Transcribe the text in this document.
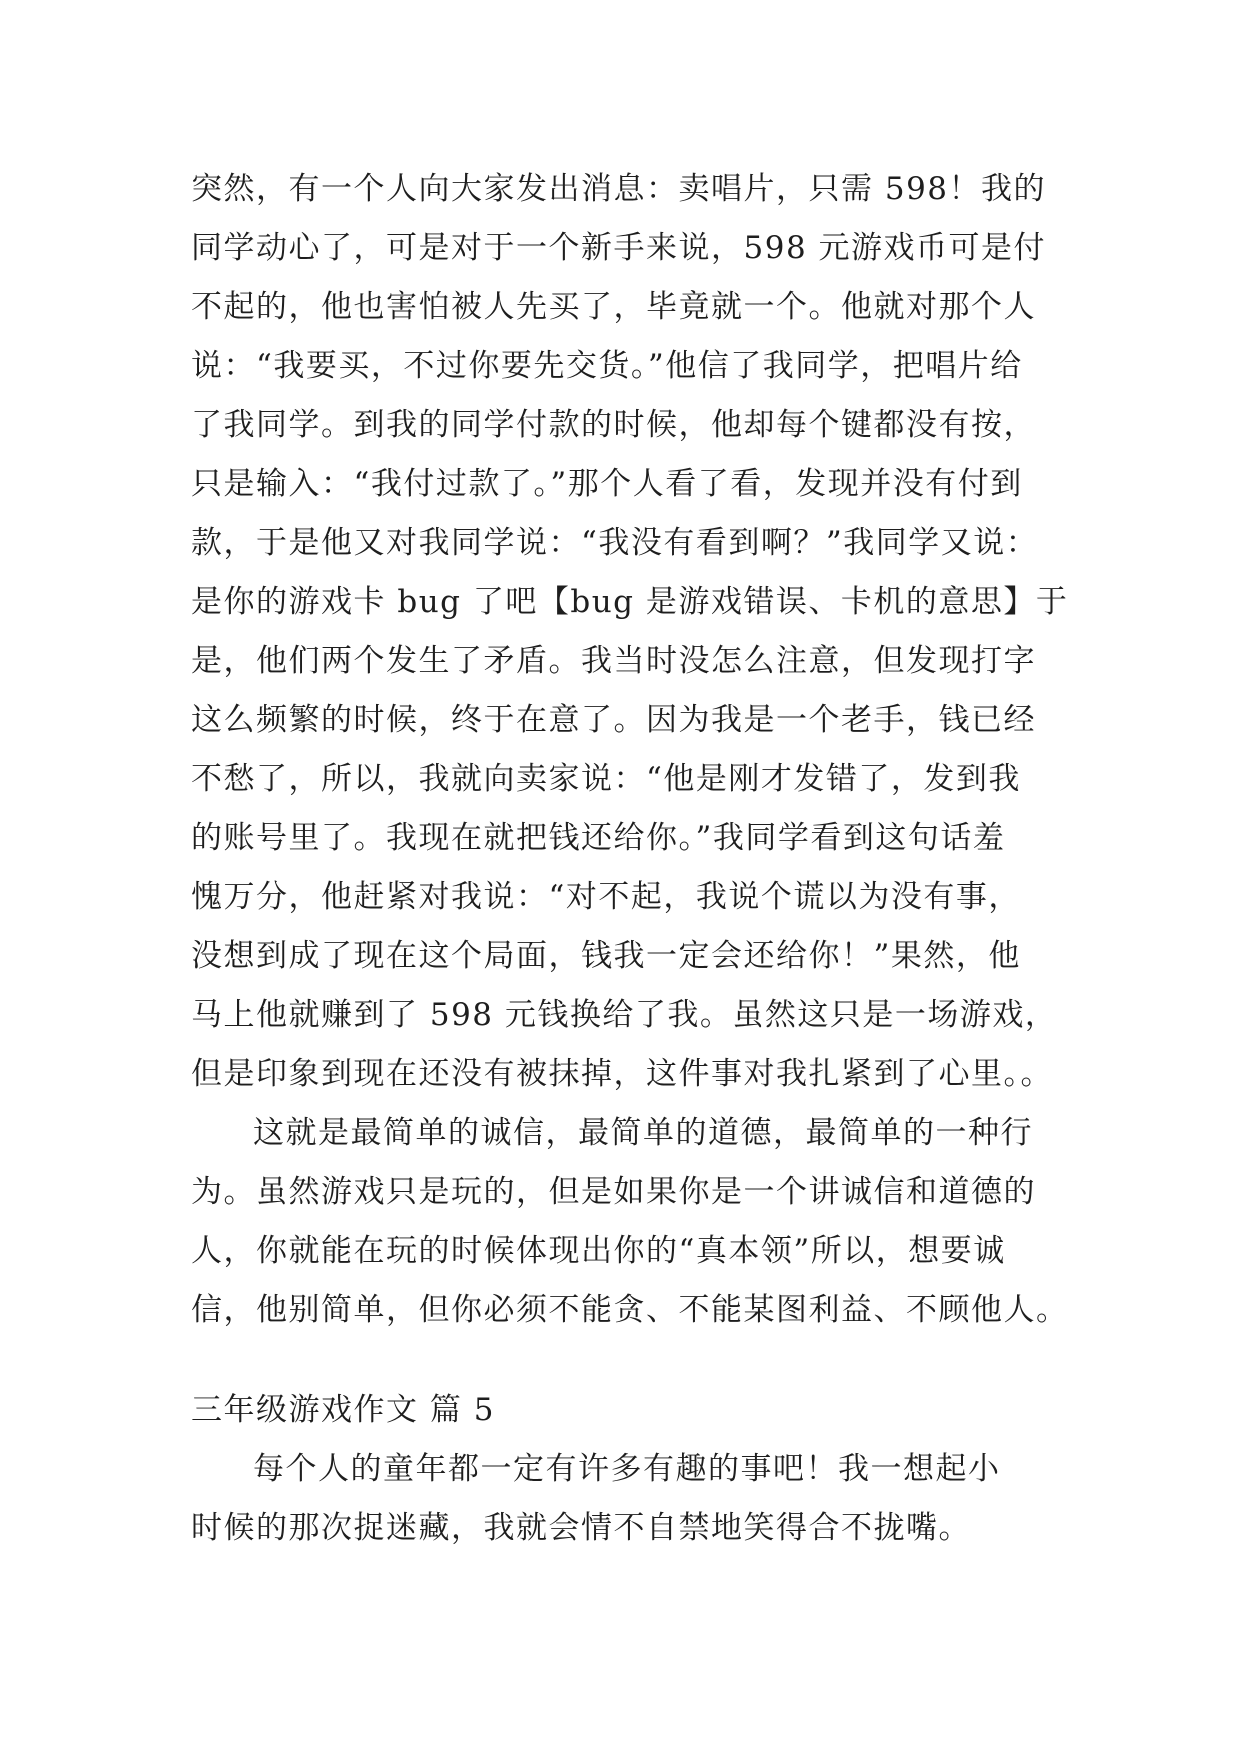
突然，有一个人向大家发出消息：卖唱片，只需 598！我的
同学动心了，可是对于一个新手来说，598 元游戏币可是付
不起的，他也害怕被人先买了，毕竟就一个。他就对那个人
说：“我要买，不过你要先交货。”他信了我同学，把唱片给
了我同学。到我的同学付款的时候，他却每个键都没有按，
只是输入：“我付过款了。”那个人看了看，发现并没有付到
款，于是他又对我同学说：“我没有看到啊？”我同学又说：
是你的游戏卡 bug 了吧【bug 是游戏错误、卡机的意思】于
是，他们两个发生了矛盾。我当时没怎么注意，但发现打字
这么频繁的时候，终于在意了。因为我是一个老手，钱已经
不愁了，所以，我就向卖家说：“他是刚才发错了，发到我
的账号里了。我现在就把钱还给你。”我同学看到这句话羞
愧万分，他赶紧对我说：“对不起，我说个谎以为没有事，
没想到成了现在这个局面，钱我一定会还给你！”果然，他
马上他就赚到了 598 元钱换给了我。虽然这只是一场游戏，
但是印象到现在还没有被抹掉，这件事对我扎紧到了心里。。
这就是最简单的诚信，最简单的道德，最简单的一种行
为。虽然游戏只是玩的，但是如果你是一个讲诚信和道德的
人，你就能在玩的时候体现出你的“真本领”所以，想要诚
信，他别简单，但你必须不能贪、不能某图利益、不顾他人。
三年级游戏作文 篇 5
每个人的童年都一定有许多有趣的事吧！我一想起小
时候的那次捉迷藏，我就会情不自禁地笑得合不拢嘴。
